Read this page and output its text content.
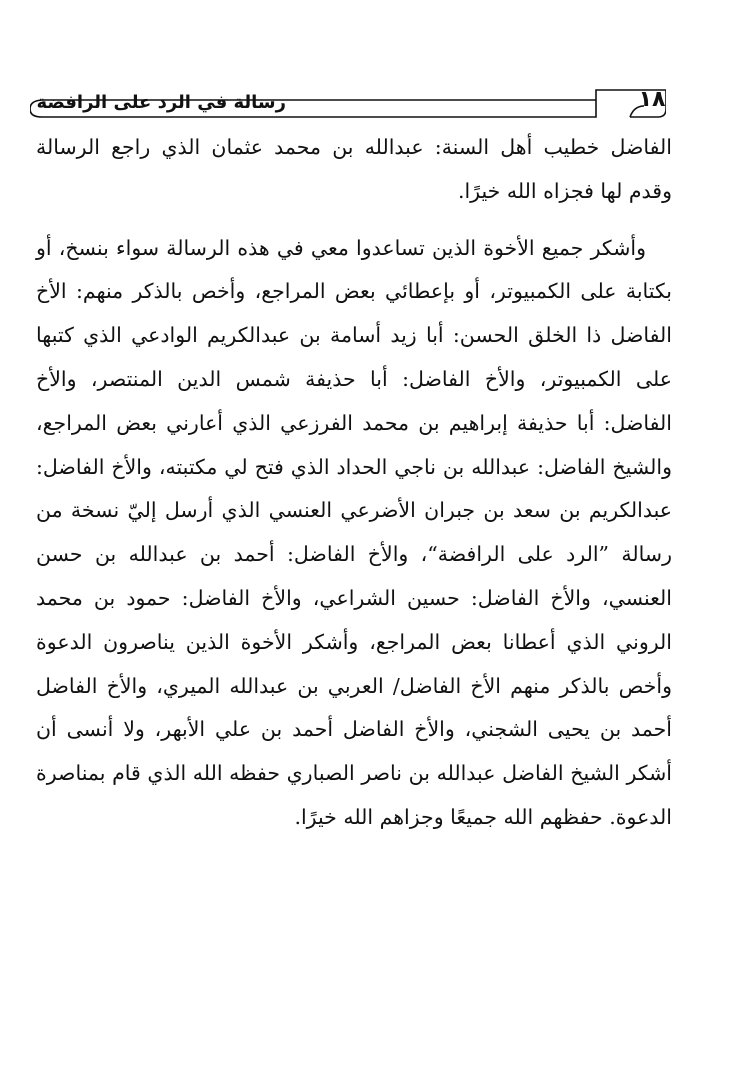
١٨
رسالة في الرد على الرافضة

الفاضل خطيب أهل السنة: عبدالله بن محمد عثمان الذي راجع الرسالة وقدم لها فجزاه الله خيرًا.

وأشكر جميع الأخوة الذين تساعدوا معي في هذه الرسالة سواء بنسخ، أو بكتابة على الكمبيوتر، أو بإعطائي بعض المراجع، وأخص بالذكر منهم: الأخ الفاضل ذا الخلق الحسن: أبا زيد أسامة بن عبدالكريم الوادعي الذي كتبها على الكمبيوتر، والأخ الفاضل: أبا حذيفة شمس الدين المنتصر، والأخ الفاضل: أبا حذيفة إبراهيم بن محمد الفرزعي الذي أعارني بعض المراجع، والشيخ الفاضل: عبدالله بن ناجي الحداد الذي فتح لي مكتبته، والأخ الفاضل: عبدالكريم بن سعد بن جبران الأضرعي العنسي الذي أرسل إليّ نسخة من رسالة ”الرد على الرافضة“، والأخ الفاضل: أحمد بن عبدالله بن حسن العنسي، والأخ الفاضل: حسين الشراعي، والأخ الفاضل: حمود بن محمد الروني الذي أعطانا بعض المراجع، وأشكر الأخوة الذين يناصرون الدعوة وأخص بالذكر منهم الأخ الفاضل/ العربي بن عبدالله الميري، والأخ الفاضل أحمد بن يحيى الشجني، والأخ الفاضل أحمد بن علي الأبهر، ولا أنسى أن أشكر الشيخ الفاضل عبدالله بن ناصر الصباري حفظه الله الذي قام بمناصرة الدعوة. حفظهم الله جميعًا وجزاهم الله خيرًا.
